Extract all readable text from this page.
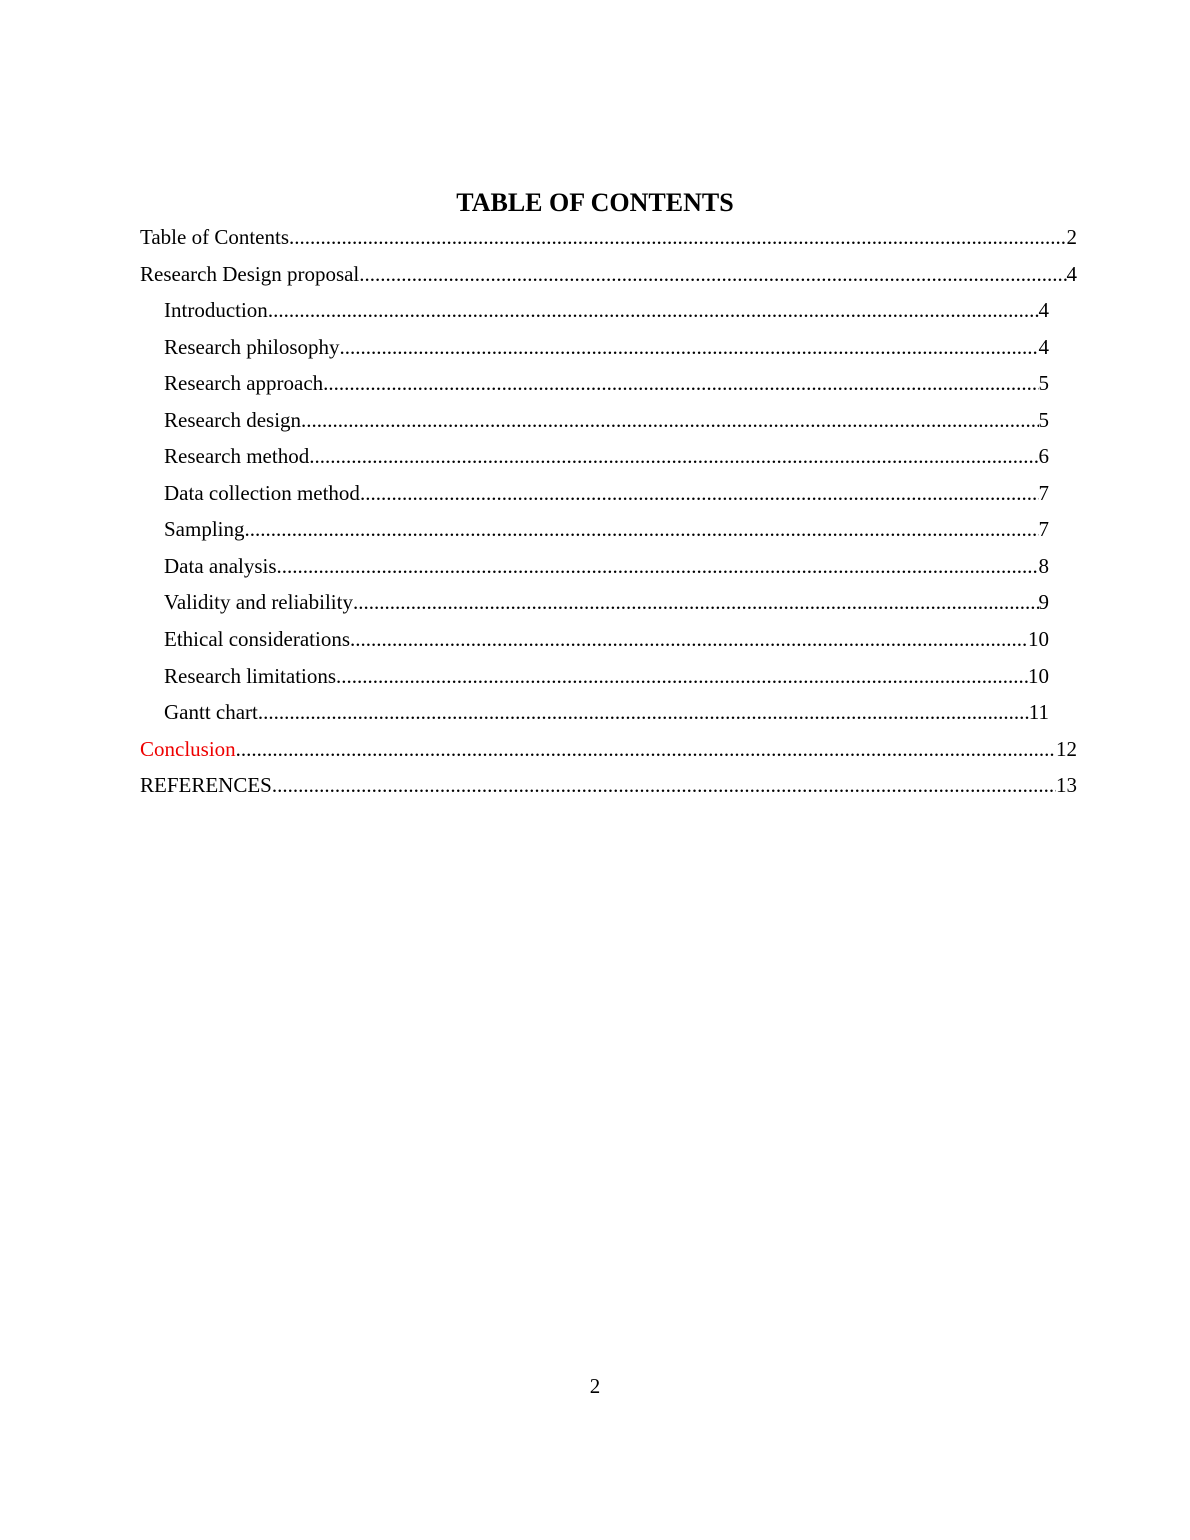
TABLE OF CONTENTS
Table of Contents .....	2
Research Design proposal .....	4
Introduction .....	4
Research philosophy .....	4
Research approach .....	5
Research design .....	5
Research method .....	6
Data collection method .....	7
Sampling .....	7
Data analysis .....	8
Validity and reliability .....	9
Ethical considerations .....	10
Research limitations .....	10
Gantt chart .....	11
Conclusion .....	12
REFERENCES .....	13
2
